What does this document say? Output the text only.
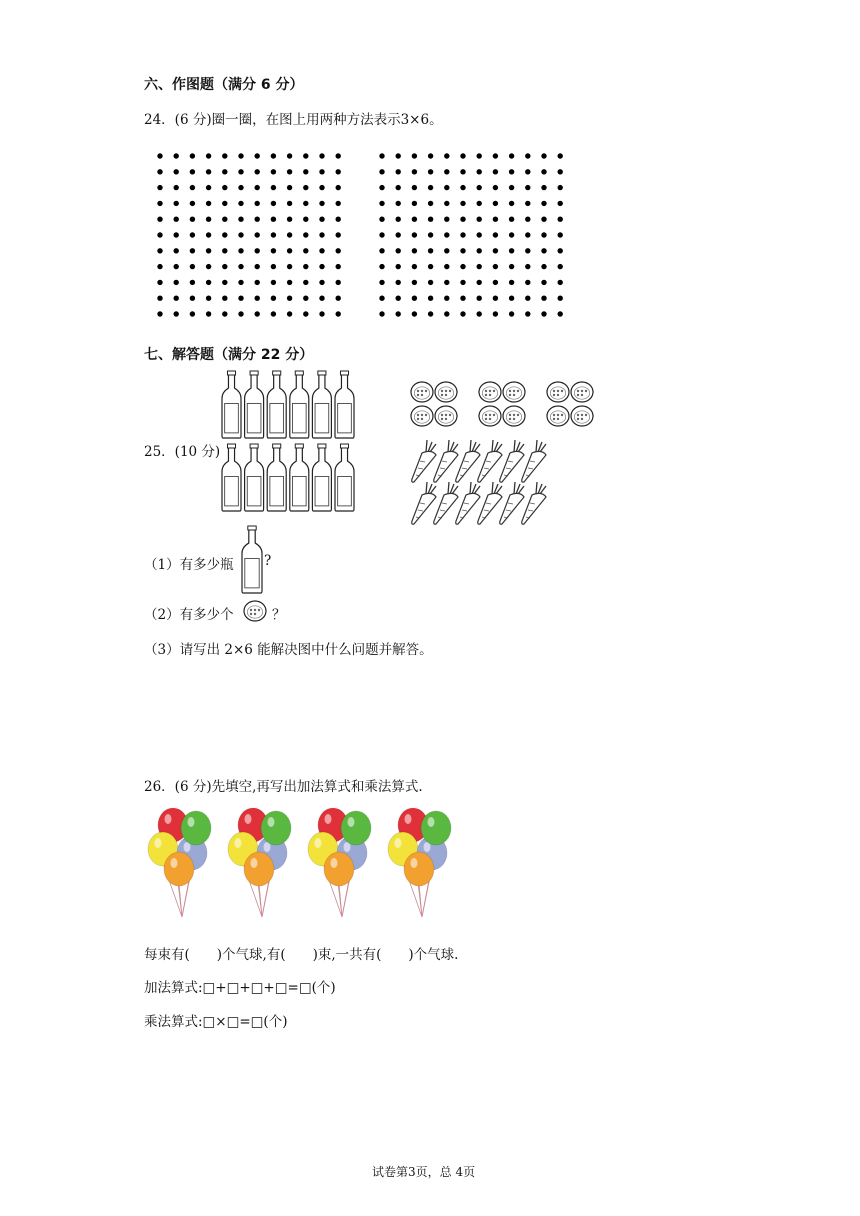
六、作图题（满分 6 分）
24．(6 分)圈一圈，在图上用两种方法表示3×6。
七、解答题（满分 22 分）
25．(10 分)
（1）有多少瓶 ?
（2）有多少个	？
（3）请写出 2×6 能解决图中什么问题并解答。
26．(6 分)先填空,再写出加法算式和乘法算式.
每束有(　　)个气球,有(　　)束,一共有(　　)个气球.
加法算式:□+□+□+□=□(个)
乘法算式:□×□=□(个)
试卷第3页，总 4页
